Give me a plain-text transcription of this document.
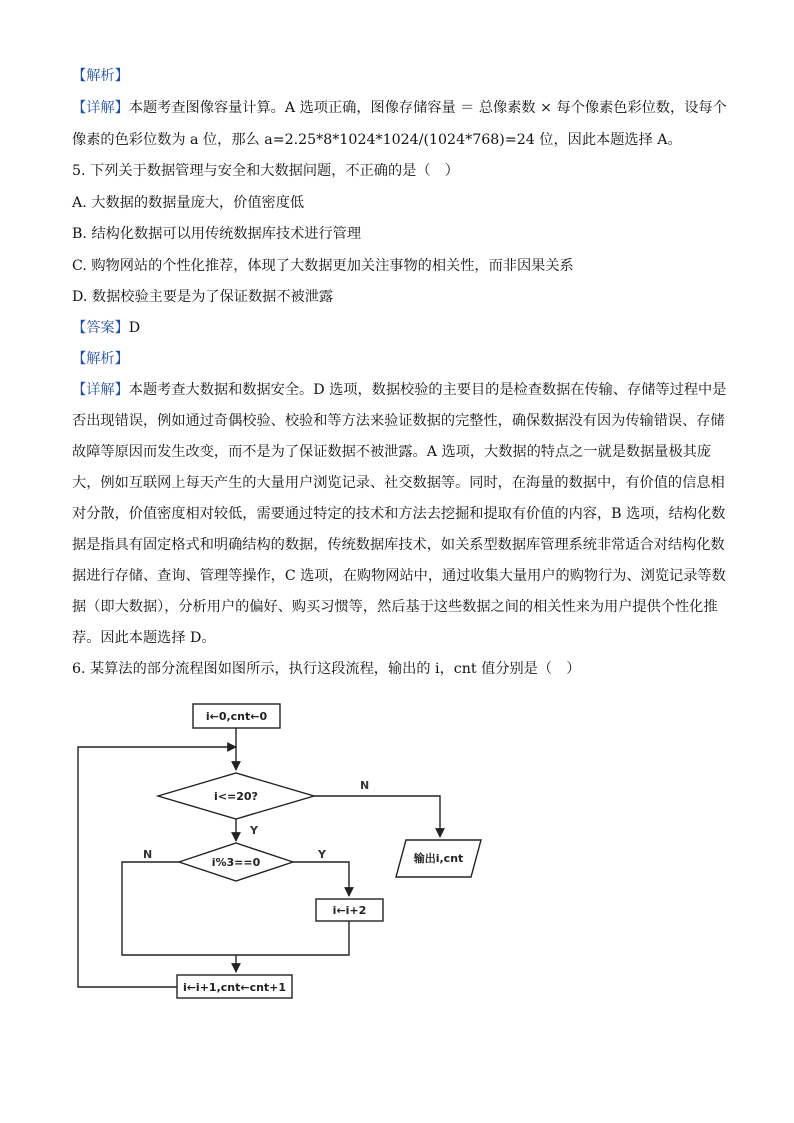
【解析】
【详解】本题考查图像容量计算。A 选项正确，图像存储容量 ＝ 总像素数 × 每个像素色彩位数，设每个
像素的色彩位数为 a 位，那么 a=2.25*8*1024*1024/(1024*768)=24 位，因此本题选择 A。
5. 下列关于数据管理与安全和大数据问题，不正确的是（　）
A. 大数据的数据量庞大，价值密度低
B. 结构化数据可以用传统数据库技术进行管理
C. 购物网站的个性化推荐，体现了大数据更加关注事物的相关性，而非因果关系
D. 数据校验主要是为了保证数据不被泄露
【答案】D
【解析】
【详解】本题考查大数据和数据安全。D 选项，数据校验的主要目的是检查数据在传输、存储等过程中是
否出现错误，例如通过奇偶校验、校验和等方法来验证数据的完整性，确保数据没有因为传输错误、存储
故障等原因而发生改变，而不是为了保证数据不被泄露。A 选项，大数据的特点之一就是数据量极其庞
大，例如互联网上每天产生的大量用户浏览记录、社交数据等。同时，在海量的数据中，有价值的信息相
对分散，价值密度相对较低，需要通过特定的技术和方法去挖掘和提取有价值的内容，B 选项，结构化数
据是指具有固定格式和明确结构的数据，传统数据库技术，如关系型数据库管理系统非常适合对结构化数
据进行存储、查询、管理等操作，C 选项，在购物网站中，通过收集大量用户的购物行为、浏览记录等数
据（即大数据），分析用户的偏好、购买习惯等，然后基于这些数据之间的相关性来为用户提供个性化推
荐。因此本题选择 D。
6. 某算法的部分流程图如图所示，执行这段流程，输出的 i，cnt 值分别是（　）
i←0,cnt←0
i<=20?
i%3==0
i←i+2
i←i+1,cnt←cnt+1
输出i,cnt
N
Y
N	Y
